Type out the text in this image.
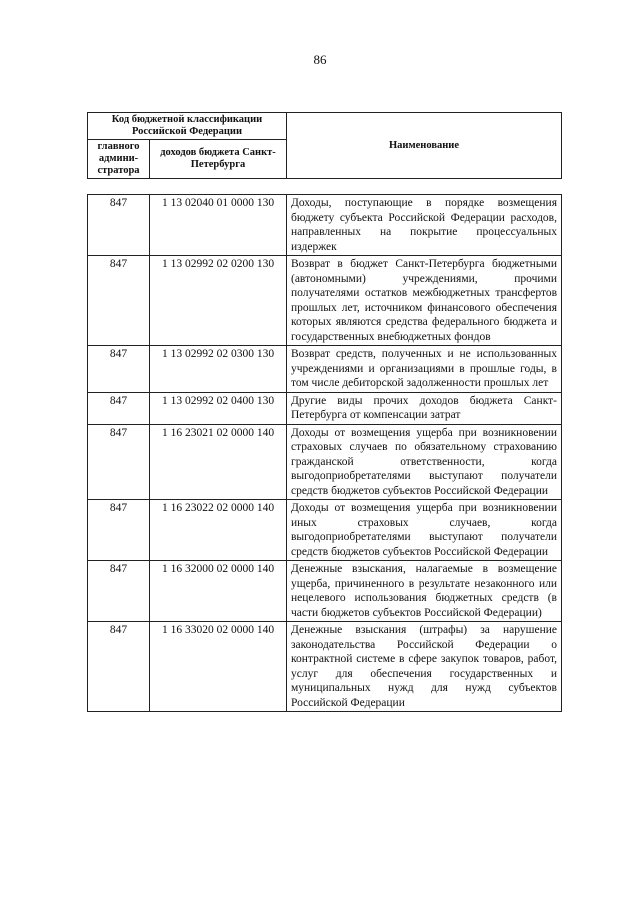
86
Код бюджетной классификации Российской Федерации		Наименование
главного админи-стратора	доходов бюджета Санкт-Петербурга	
847	1 13 02040 01 0000 130	Доходы, поступающие в порядке возмещения бюджету субъекта Российской Федерации расходов, направленных на покрытие процессуальных издержек
847	1 13 02992 02 0200 130	Возврат в бюджет Санкт-Петербурга бюджетными (автономными) учреждениями, прочими получателями остатков межбюджетных трансфертов прошлых лет, источником финансового обеспечения которых являются средства федерального бюджета и государственных внебюджетных фондов
847	1 13 02992 02 0300 130	Возврат средств, полученных и не использованных учреждениями и организациями в прошлые годы, в том числе дебиторской задолженности прошлых лет
847	1 13 02992 02 0400 130	Другие виды прочих доходов бюджета Санкт-Петербурга от компенсации затрат
847	1 16 23021 02 0000 140	Доходы от возмещения ущерба при возникновении страховых случаев по обязательному страхованию гражданской ответственности, когда выгодоприобретателями выступают получатели средств бюджетов субъектов Российской Федерации
847	1 16 23022 02 0000 140	Доходы от возмещения ущерба при возникновении иных страховых случаев, когда выгодоприобретателями выступают получатели средств бюджетов субъектов Российской Федерации
847	1 16 32000 02 0000 140	Денежные взыскания, налагаемые в возмещение ущерба, причиненного в результате незаконного или нецелевого использования бюджетных средств (в части бюджетов субъектов Российской Федерации)
847	1 16 33020 02 0000 140	Денежные взыскания (штрафы) за нарушение законодательства Российской Федерации о контрактной системе в сфере закупок товаров, работ, услуг для обеспечения государственных и муниципальных нужд для нужд субъектов Российской Федерации
